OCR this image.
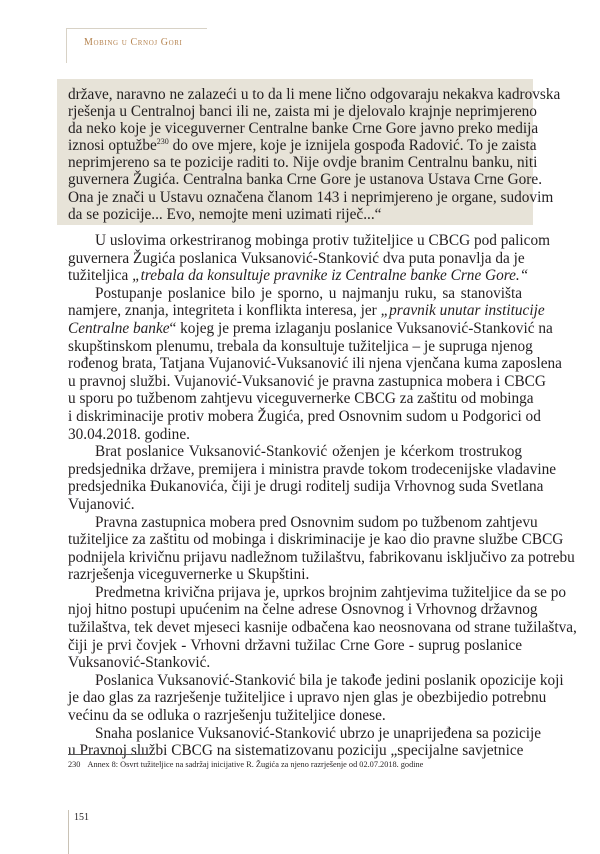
Mobing u Crnoj Gori
države, naravno ne zalazeći u to da li mene lično odgovaraju nekakva kadrovska
rješenja u Centralnoj banci ili ne, zaista mi je djelovalo krajnje neprimjereno
da neko koje je viceguverner Centralne banke Crne Gore javno preko medija
iznosi optužbe$^{230}$ do ove mjere, koje je iznijela gospođa Radović. To je zaista
neprimjereno sa te pozicije raditi to. Nije ovdje branim Centralnu banku, niti
guvernera Žugića. Centralna banka Crne Gore je ustanova Ustava Crne Gore.
Ona je znači u Ustavu označena članom 143 i neprimjereno je organe, sudovim
da se pozicije... Evo, nemojte meni uzimati riječ...“
U uslovima orkestriranog mobinga protiv tužiteljice u CBCG pod palicom
guvernera Žugića poslanica Vuksanović-Stanković dva puta ponavlja da je
tužiteljica „trebala da konsultuje pravnike iz Centralne banke Crne Gore.“
Postupanje poslanice bilo je sporno, u najmanju ruku, sa stanovišta
namjere, znanja, integriteta i konflikta interesa, jer „pravnik unutar institucije
Centralne banke“ kojeg je prema izlaganju poslanice Vuksanović-Stanković na
skupštinskom plenumu, trebala da konsultuje tužiteljica – je supruga njenog
rođenog brata, Tatjana Vujanović-Vuksanović ili njena vjenčana kuma zaposlena
u pravnoj službi. Vujanović-Vuksanović je pravna zastupnica mobera i CBCG
u sporu po tužbenom zahtjevu viceguvernerke CBCG za zaštitu od mobinga
i diskriminacije protiv mobera Žugića, pred Osnovnim sudom u Podgorici od
30.04.2018. godine.
Brat poslanice Vuksanović-Stanković oženjen je kćerkom trostrukog
predsjednika države, premijera i ministra pravde tokom trodecenijske vladavine
predsjednika Đukanovića, čiji je drugi roditelj sudija Vrhovnog suda Svetlana
Vujanović.
Pravna zastupnica mobera pred Osnovnim sudom po tužbenom zahtjevu
tužiteljice za zaštitu od mobinga i diskriminacije je kao dio pravne službe CBCG
podnijela krivičnu prijavu nadležnom tužilaštvu, fabrikovanu isključivo za potrebu
razrješenja viceguvernerke u Skupštini.
Predmetna krivična prijava je, uprkos brojnim zahtjevima tužiteljice da se po
njoj hitno postupi upućenim na čelne adrese Osnovnog i Vrhovnog državnog
tužilaštva, tek devet mjeseci kasnije odbačena kao neosnovana od strane tužilaštva,
čiji je prvi čovjek - Vrhovni državni tužilac Crne Gore - suprug poslanice
Vuksanović-Stanković.
Poslanica Vuksanović-Stanković bila je takođe jedini poslanik opozicije koji
je dao glas za razrješenje tužiteljice i upravo njen glas je obezbijedio potrebnu
većinu da se odluka o razrješenju tužiteljice donese.
Snaha poslanice Vuksanović-Stanković ubrzo je unaprijeđena sa pozicije
u Pravnoj službi CBCG na sistematizovanu poziciju „specijalne savjetnice
230 Annex 8: Osvrt tužiteljice na sadržaj inicijative R. Žugića za njeno razrješenje od 02.07.2018. godine
151
